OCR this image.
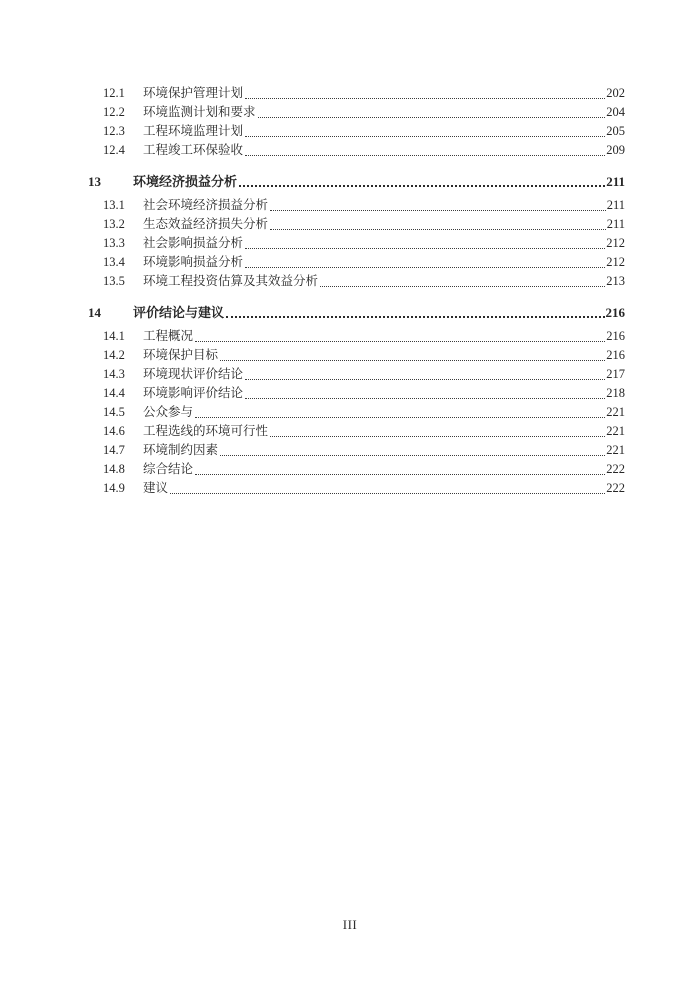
12.1	环境保护管理计划	202
12.2	环境监测计划和要求	204
12.3	工程环境监理计划	205
12.4	工程竣工环保验收	209
13	环境经济损益分析	211
13.1	社会环境经济损益分析	211
13.2	生态效益经济损失分析	211
13.3	社会影响损益分析	212
13.4	环境影响损益分析	212
13.5	环境工程投资估算及其效益分析	213
14	评价结论与建议	216
14.1	工程概况	216
14.2	环境保护目标	216
14.3	环境现状评价结论	217
14.4	环境影响评价结论	218
14.5	公众参与	221
14.6	工程选线的环境可行性	221
14.7	环境制约因素	221
14.8	综合结论	222
14.9	建议	222
III
